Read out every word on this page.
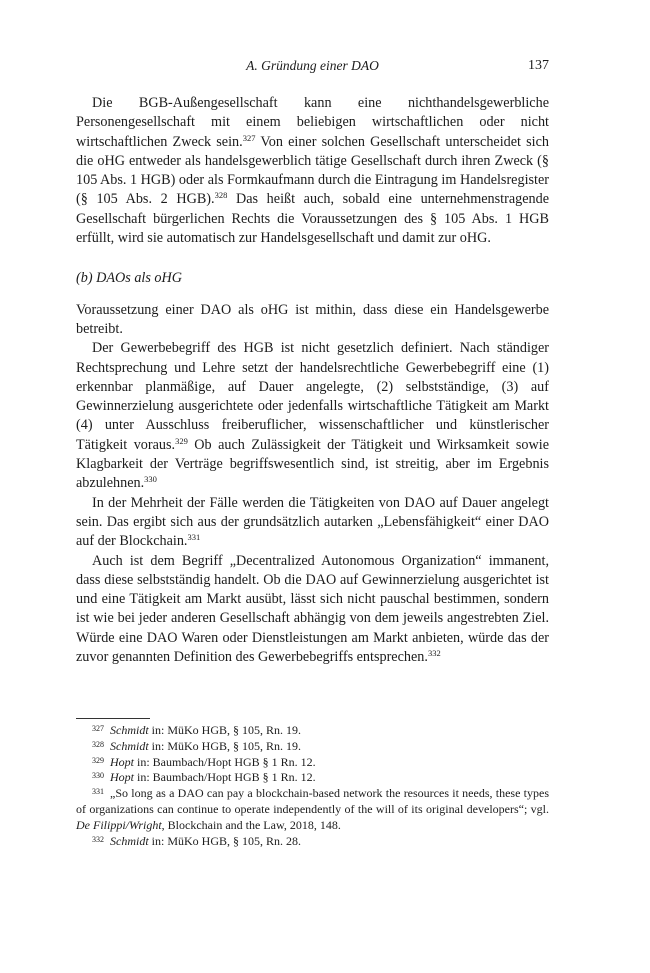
A. Gründung einer DAO	137

Die BGB-Außengesellschaft kann eine nichthandelsgewerbliche Personengesellschaft mit einem beliebigen wirtschaftlichen oder nicht wirtschaftlichen Zweck sein.$^{327}$ Von einer solchen Gesellschaft unterscheidet sich die oHG entweder als handelsgewerblich tätige Gesellschaft durch ihren Zweck (§ 105 Abs. 1 HGB) oder als Formkaufmann durch die Eintragung im Handelsregister (§ 105 Abs. 2 HGB).$^{328}$ Das heißt auch, sobald eine unternehmenstragende Gesellschaft bürgerlichen Rechts die Voraussetzungen des § 105 Abs. 1 HGB erfüllt, wird sie automatisch zur Handelsgesellschaft und damit zur oHG.

(b) DAOs als oHG

Voraussetzung einer DAO als oHG ist mithin, dass diese ein Handelsgewerbe betreibt.

Der Gewerbebegriff des HGB ist nicht gesetzlich definiert. Nach ständiger Rechtsprechung und Lehre setzt der handelsrechtliche Gewerbebegriff eine (1) erkennbar planmäßige, auf Dauer angelegte, (2) selbstständige, (3) auf Gewinnerzielung ausgerichtete oder jedenfalls wirtschaftliche Tätigkeit am Markt (4) unter Ausschluss freiberuflicher, wissenschaftlicher und künstlerischer Tätigkeit voraus.$^{329}$ Ob auch Zulässigkeit der Tätigkeit und Wirksamkeit sowie Klagbarkeit der Verträge begriffswesentlich sind, ist streitig, aber im Ergebnis abzulehnen.$^{330}$

In der Mehrheit der Fälle werden die Tätigkeiten von DAO auf Dauer angelegt sein. Das ergibt sich aus der grundsätzlich autarken „Lebensfähigkeit“ einer DAO auf der Blockchain.$^{331}$

Auch ist dem Begriff „Decentralized Autonomous Organization“ immanent, dass diese selbstständig handelt. Ob die DAO auf Gewinnerzielung ausgerichtet ist und eine Tätigkeit am Markt ausübt, lässt sich nicht pauschal bestimmen, sondern ist wie bei jeder anderen Gesellschaft abhängig von dem jeweils angestrebten Ziel. Würde eine DAO Waren oder Dienstleistungen am Markt anbieten, würde das der zuvor genannten Definition des Gewerbebegriffs entsprechen.$^{332}$

$^{327}$ Schmidt in: MüKo HGB, § 105, Rn. 19.

$^{328}$ Schmidt in: MüKo HGB, § 105, Rn. 19.

$^{329}$ Hopt in: Baumbach/Hopt HGB § 1 Rn. 12.

$^{330}$ Hopt in: Baumbach/Hopt HGB § 1 Rn. 12.

$^{331}$ „So long as a DAO can pay a blockchain-based network the resources it needs, these types of organizations can continue to operate independently of the will of its original developers“; vgl. De Filippi/Wright, Blockchain and the Law, 2018, 148.

$^{332}$ Schmidt in: MüKo HGB, § 105, Rn. 28.
